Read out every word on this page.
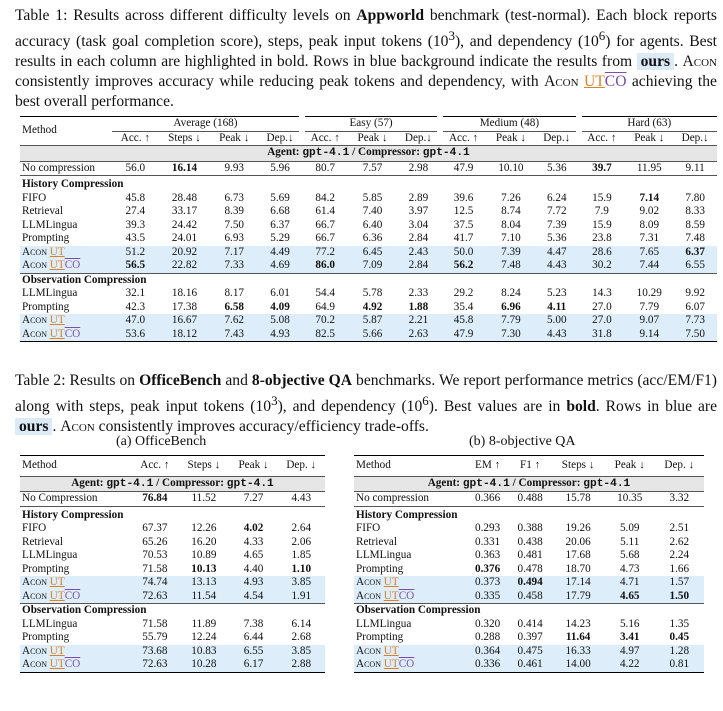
Table 1: Results across different difficulty levels on Appworld benchmark (test-normal). Each block reports accuracy (task goal completion score), steps, peak input tokens $(10^3)$, and dependency $(10^6)$ for agents. Best results in each column are highlighted in bold. Rows in blue background indicate the results from ours . Acon consistently improves accuracy while reducing peak tokens and dependency, with Acon $UT\overline{CO}$ achieving the best overall performance.
Method	Average (168)				Easy (57)			Medium (48)			Hard (63)		
	Acc. ↑	Steps ↓	Peak ↓	Dep.↓	Acc. ↑	Peak ↓	Dep.↓	Acc. ↑	Peak ↓	Dep.↓	Acc. ↑	Peak ↓	Dep.↓
Agent: gpt-4.1 / Compressor: gpt-4.1													
No compression	56.0	16.14	9.93	5.96	80.7	7.57	2.98	47.9	10.10	5.36	39.7	11.95	9.11
History Compression													
FIFO	45.8	28.48	6.73	5.69	84.2	5.85	2.89	39.6	7.26	6.24	15.9	7.14	7.80
Retrieval	27.4	33.17	8.39	6.68	61.4	7.40	3.97	12.5	8.74	7.72	7.9	9.02	8.33
LLMLingua	39.3	24.42	7.50	6.37	66.7	6.40	3.04	37.5	8.04	7.39	15.9	8.09	8.59
Prompting	43.5	24.01	6.93	5.29	66.7	6.36	2.84	41.7	7.10	5.36	23.8	7.31	7.48
Acon UT	51.2	20.92	7.17	4.49	77.2	6.45	2.43	50.0	7.39	4.47	28.6	7.65	6.37
Acon $UT\overline{CO}$	56.5	22.82	7.33	4.69	86.0	7.09	2.84	56.2	7.48	4.43	30.2	7.44	6.55
Observation Compression													
LLMLingua	32.1	18.16	8.17	6.01	54.4	5.78	2.33	29.2	8.24	5.23	14.3	10.29	9.92
Prompting	42.3	17.38	6.58	4.09	64.9	4.92	1.88	35.4	6.96	4.11	27.0	7.79	6.07
Acon UT	47.0	16.67	7.62	5.08	70.2	5.87	2.21	45.8	7.79	5.00	27.0	9.07	7.73
Acon $UT\overline{CO}$	53.6	18.12	7.43	4.93	82.5	5.66	2.63	47.9	7.30	4.43	31.8	9.14	7.50
Table 2: Results on OfficeBench and 8-objective QA benchmarks. We report performance metrics (acc/EM/F1) along with steps, peak input tokens $(10^3)$, and dependency $(10^6)$. Best values are in bold. Rows in blue are ours . Acon consistently improves accuracy/efficiency trade-offs.
(a) OfficeBench	(b) 8-objective QA
Method	Acc. ↑	Steps ↓	Peak ↓	Dep. ↓
Agent: gpt-4.1 / Compressor: gpt-4.1				
No Compression	76.84	11.52	7.27	4.43
History Compression				
FIFO	67.37	12.26	4.02	2.64
Retrieval	65.26	16.20	4.33	2.06
LLMLingua	70.53	10.89	4.65	1.85
Prompting	71.58	10.13	4.40	1.10
Acon UT	74.74	13.13	4.93	3.85
Acon $UT\overline{CO}$	72.63	11.54	4.54	1.91
Observation Compression				
LLMLingua	71.58	11.89	7.38	6.14
Prompting	55.79	12.24	6.44	2.68
Acon UT	73.68	10.83	6.55	3.85
Acon $UT\overline{CO}$	72.63	10.28	6.17	2.88
Method	EM ↑	F1 ↑	Steps ↓	Peak ↓	Dep. ↓
Agent: gpt-4.1 / Compressor: gpt-4.1					
No compression	0.366	0.488	15.78	10.35	3.32
History Compression					
FIFO	0.293	0.388	19.26	5.09	2.51
Retrieval	0.331	0.438	20.06	5.11	2.62
LLMLingua	0.363	0.481	17.68	5.68	2.24
Prompting	0.376	0.478	18.70	4.73	1.66
Acon UT	0.373	0.494	17.14	4.71	1.57
Acon $UT\overline{CO}$	0.335	0.458	17.79	4.65	1.50
Observation Compression					
LLMLingua	0.320	0.414	14.23	5.16	1.35
Prompting	0.288	0.397	11.64	3.41	0.45
Acon UT	0.364	0.475	16.33	4.97	1.28
Acon $UT\overline{CO}$	0.336	0.461	14.00	4.22	0.81
